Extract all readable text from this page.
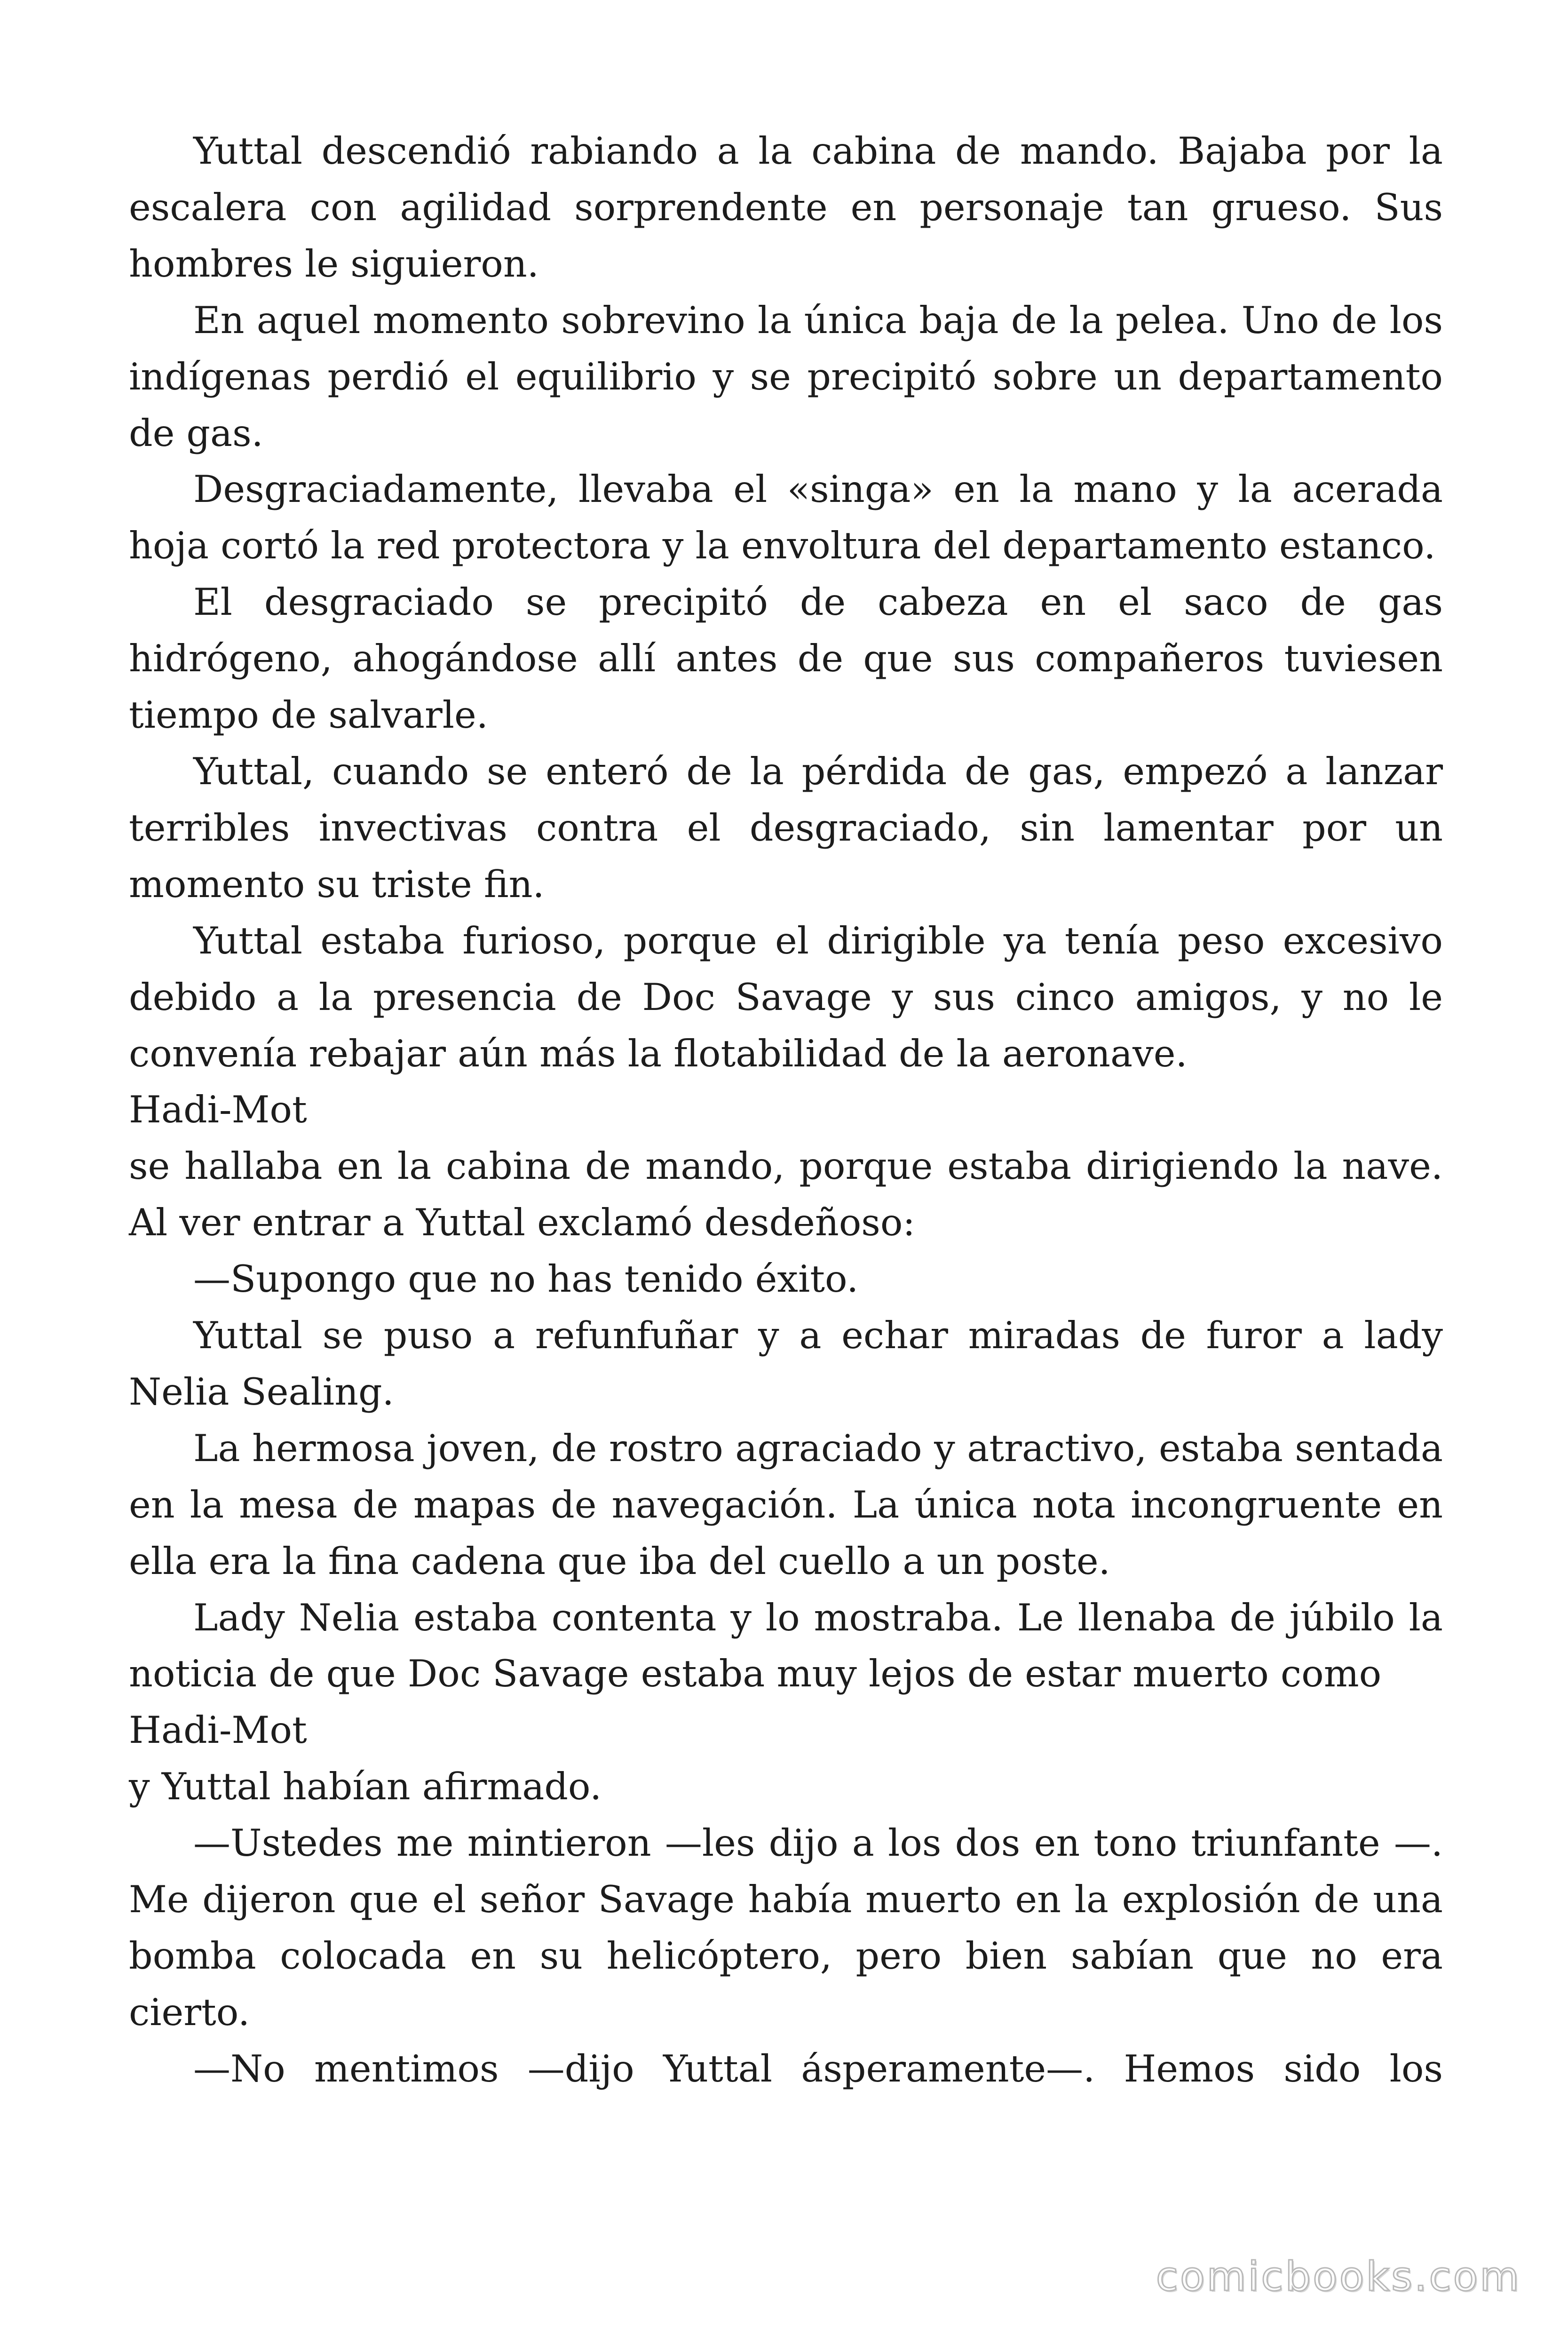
Yuttal descendió rabiando a la cabina de mando. Bajaba por la escalera con agilidad sorprendente en personaje tan grueso. Sus hombres le siguieron.

En aquel momento sobrevino la única baja de la pelea. Uno de los indígenas perdió el equilibrio y se precipitó sobre un departamento de gas.

Desgraciadamente, llevaba el «singa» en la mano y la acerada hoja cortó la red protectora y la envoltura del departamento estanco.

El desgraciado se precipitó de cabeza en el saco de gas hidrógeno, ahogándose allí antes de que sus compañeros tuviesen tiempo de salvarle.

Yuttal, cuando se enteró de la pérdida de gas, empezó a lanzar terribles invectivas contra el desgraciado, sin lamentar por un momento su triste fin.

Yuttal estaba furioso, porque el dirigible ya tenía peso excesivo debido a la presencia de Doc Savage y sus cinco amigos, y no le convenía rebajar aún más la flotabilidad de la aeronave.

Hadi-Mot

se hallaba en la cabina de mando, porque estaba dirigiendo la nave. Al ver entrar a Yuttal exclamó desdeñoso:

—Supongo que no has tenido éxito.

Yuttal se puso a refunfuñar y a echar miradas de furor a lady Nelia Sealing.

La hermosa joven, de rostro agraciado y atractivo, estaba sentada en la mesa de mapas de navegación. La única nota incongruente en ella era la fina cadena que iba del cuello a un poste.

Lady Nelia estaba contenta y lo mostraba. Le llenaba de júbilo la noticia de que Doc Savage estaba muy lejos de estar muerto como

Hadi-Mot

y Yuttal habían afirmado.

—Ustedes me mintieron —les dijo a los dos en tono triunfante —. Me dijeron que el señor Savage había muerto en la explosión de una bomba colocada en su helicóptero, pero bien sabían que no era cierto.

—No mentimos —dijo Yuttal ásperamente—. Hemos sido los

comicbooks.com
